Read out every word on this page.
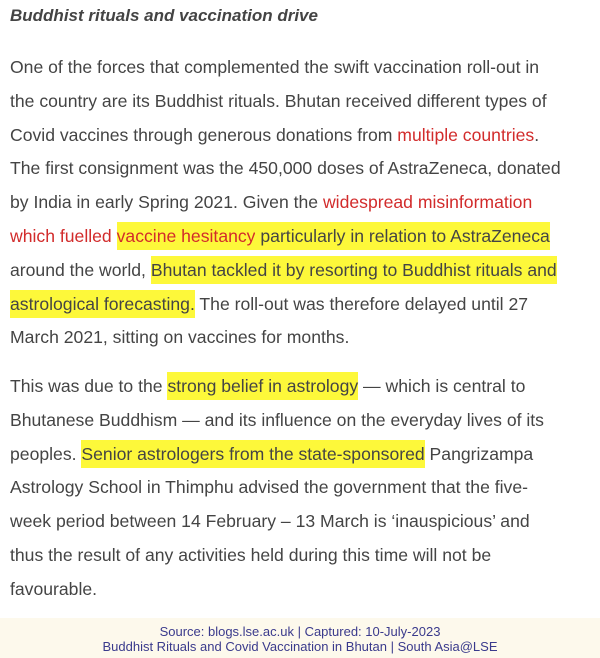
Buddhist rituals and vaccination drive
One of the forces that complemented the swift vaccination roll-out in
the country are its Buddhist rituals. Bhutan received different types of
Covid vaccines through generous donations from multiple countries.
The first consignment was the 450,000 doses of AstraZeneca, donated
by India in early Spring 2021. Given the widespread misinformation
which fuelled vaccine hesitancy particularly in relation to AstraZeneca
around the world, Bhutan tackled it by resorting to Buddhist rituals and
astrological forecasting. The roll-out was therefore delayed until 27
March 2021, sitting on vaccines for months.
This was due to the strong belief in astrology — which is central to
Bhutanese Buddhism — and its influence on the everyday lives of its
peoples. Senior astrologers from the state-sponsored Pangrizampa
Astrology School in Thimphu advised the government that the five-
week period between 14 February – 13 March is ‘inauspicious’ and
thus the result of any activities held during this time will not be
favourable.
Source: blogs.lse.ac.uk | Captured: 10-July-2023
Buddhist Rituals and Covid Vaccination in Bhutan | South Asia@LSE
